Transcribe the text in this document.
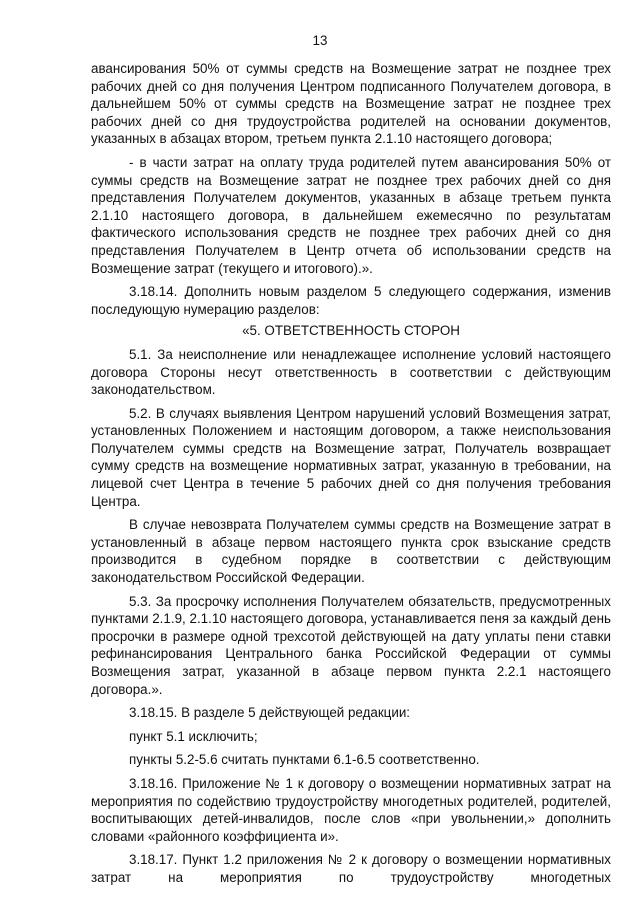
13

авансирования 50% от суммы средств на Возмещение затрат не позднее трех рабочих дней со дня получения Центром подписанного Получателем договора, в дальнейшем 50% от суммы средств на Возмещение затрат не позднее трех рабочих дней со дня трудоустройства родителей на основании документов, указанных в абзацах втором, третьем пункта 2.1.10 настоящего договора;

- в части затрат на оплату труда родителей путем авансирования 50% от суммы средств на Возмещение затрат не позднее трех рабочих дней со дня представления Получателем документов, указанных в абзаце третьем пункта 2.1.10 настоящего договора, в дальнейшем ежемесячно по результатам фактического использования средств не позднее трех рабочих дней со дня представления Получателем в Центр отчета об использовании средств на Возмещение затрат (текущего и итогового).».

3.18.14. Дополнить новым разделом 5 следующего содержания, изменив последующую нумерацию разделов:

«5. ОТВЕТСТВЕННОСТЬ СТОРОН

5.1. За неисполнение или ненадлежащее исполнение условий настоящего договора Стороны несут ответственность в соответствии с действующим законодательством.

5.2. В случаях выявления Центром нарушений условий Возмещения затрат, установленных Положением и настоящим договором, а также неиспользования Получателем суммы средств на Возмещение затрат, Получатель возвращает сумму средств на возмещение нормативных затрат, указанную в требовании, на лицевой счет Центра в течение 5 рабочих дней со дня получения требования Центра.

В случае невозврата Получателем суммы средств на Возмещение затрат в установленный в абзаце первом настоящего пункта срок взыскание средств производится в судебном порядке в соответствии с действующим законодательством Российской Федерации.

5.3. За просрочку исполнения Получателем обязательств, предусмотренных пунктами 2.1.9, 2.1.10 настоящего договора, устанавливается пеня за каждый день просрочки в размере одной трехсотой действующей на дату уплаты пени ставки рефинансирования Центрального банка Российской Федерации от суммы Возмещения затрат, указанной в абзаце первом пункта 2.2.1 настоящего договора.».

3.18.15. В разделе 5 действующей редакции:

пункт 5.1 исключить;

пункты 5.2-5.6 считать пунктами 6.1-6.5 соответственно.

3.18.16. Приложение № 1 к договору о возмещении нормативных затрат на мероприятия по содействию трудоустройству многодетных родителей, родителей, воспитывающих детей-инвалидов, после слов «при увольнении,» дополнить словами «районного коэффициента и».

3.18.17. Пункт 1.2 приложения № 2 к договору о возмещении нормативных затрат на мероприятия по трудоустройству многодетных
